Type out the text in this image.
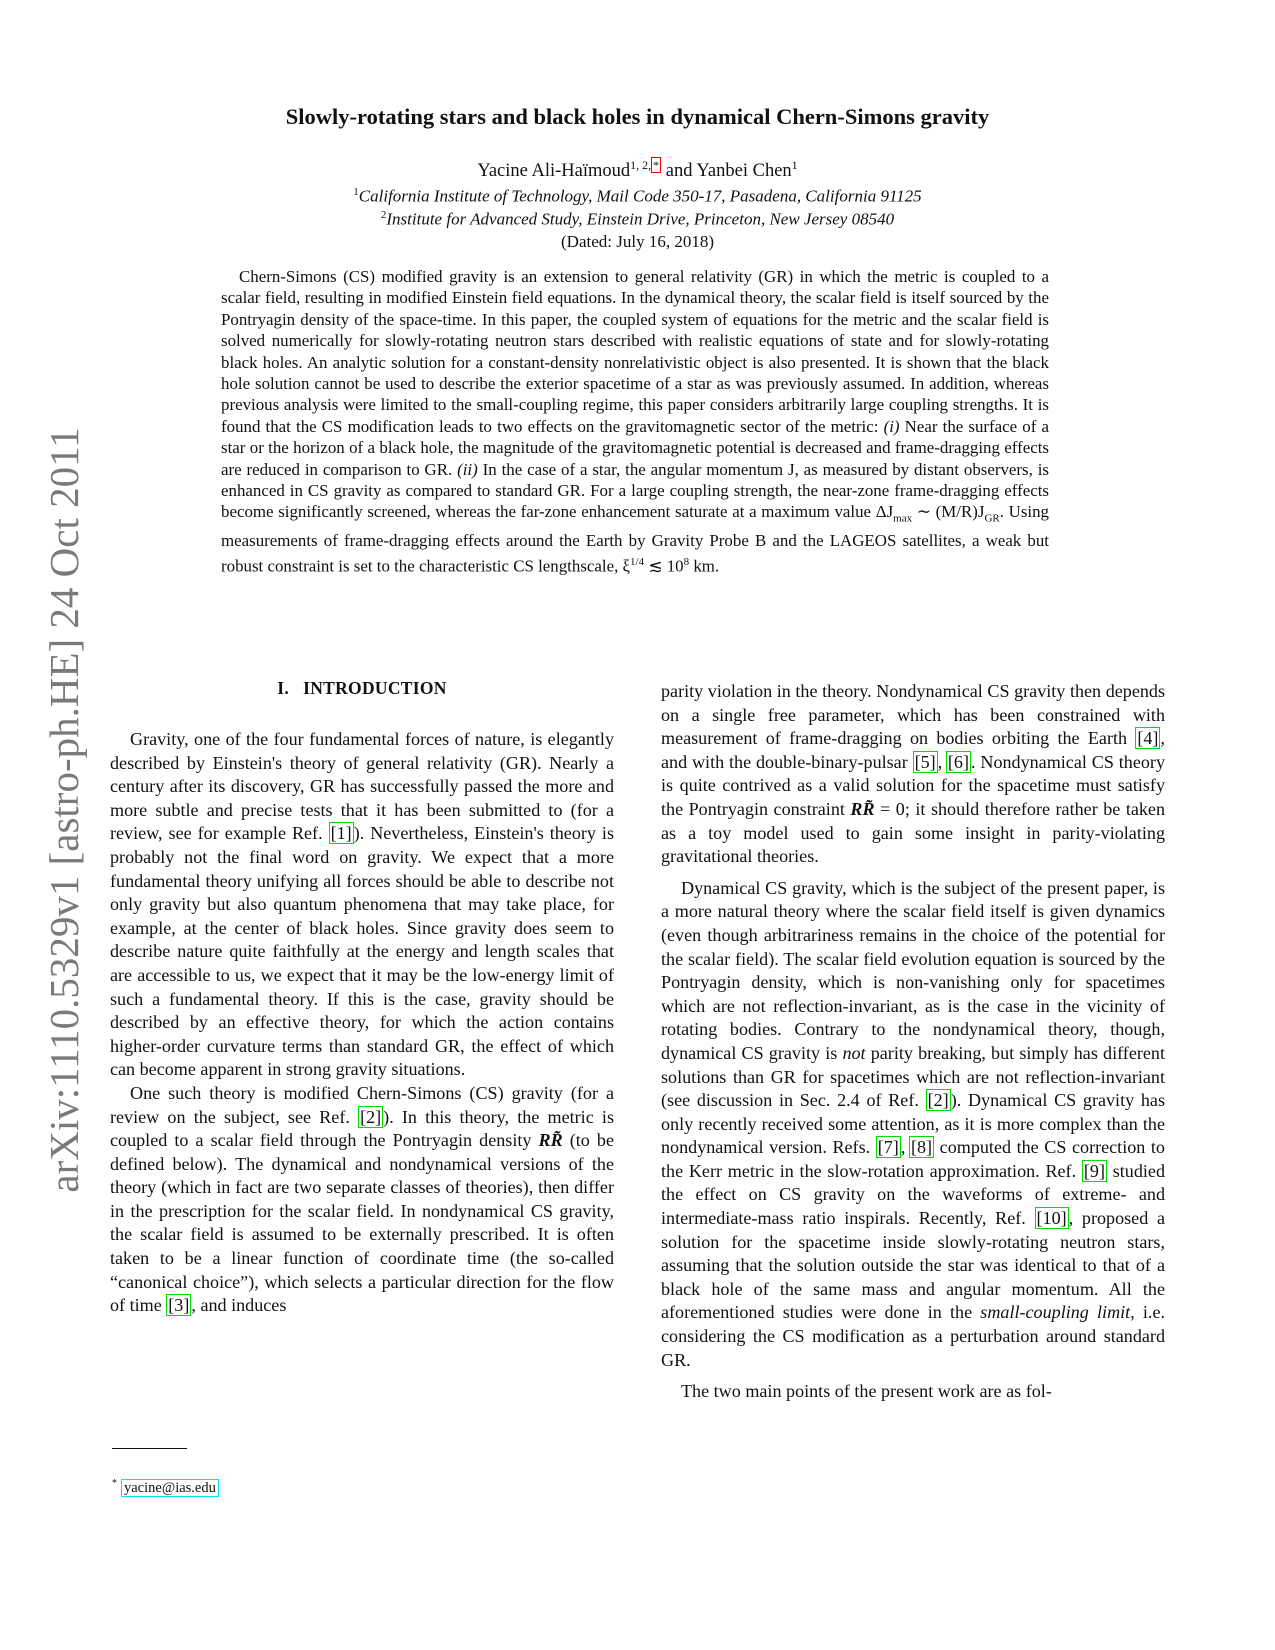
arXiv:1110.5329v1 [astro-ph.HE] 24 Oct 2011
Slowly-rotating stars and black holes in dynamical Chern-Simons gravity
Yacine Ali-Haïmoud$^{1, 2,}$ * and Yanbei Chen$^1$
$^1$California Institute of Technology, Mail Code 350-17, Pasadena, California 91125
$^2$Institute for Advanced Study, Einstein Drive, Princeton, New Jersey 08540
(Dated: July 16, 2018)
Chern-Simons (CS) modified gravity is an extension to general relativity (GR) in which the metric is coupled to a scalar field, resulting in modified Einstein field equations. In the dynamical theory, the scalar field is itself sourced by the Pontryagin density of the space-time. In this paper, the coupled system of equations for the metric and the scalar field is solved numerically for slowly-rotating neutron stars described with realistic equations of state and for slowly-rotating black holes. An analytic solution for a constant-density nonrelativistic object is also presented. It is shown that the black hole solution cannot be used to describe the exterior spacetime of a star as was previously assumed. In addition, whereas previous analysis were limited to the small-coupling regime, this paper considers arbitrarily large coupling strengths. It is found that the CS modification leads to two effects on the gravitomagnetic sector of the metric: (i) Near the surface of a star or the horizon of a black hole, the magnitude of the gravitomagnetic potential is decreased and frame-dragging effects are reduced in comparison to GR. (ii) In the case of a star, the angular momentum J, as measured by distant observers, is enhanced in CS gravity as compared to standard GR. For a large coupling strength, the near-zone frame-dragging effects become significantly screened, whereas the far-zone enhancement saturate at a maximum value $\Delta J_{max}$ ∼ $(M/R)J_{GR}$. Using measurements of frame-dragging effects around the Earth by Gravity Probe B and the LAGEOS satellites, a weak but robust constraint is set to the characteristic CS lengthscale, $\xi^{1/4}$ ≲ $10^8$ km.
I.   INTRODUCTION

Gravity, one of the four fundamental forces of nature, is elegantly described by Einstein's theory of general relativity (GR). Nearly a century after its discovery, GR has successfully passed the more and more subtle and precise tests that it has been submitted to (for a review, see for example Ref. [1] ). Nevertheless, Einstein's theory is probably not the final word on gravity. We expect that a more fundamental theory unifying all forces should be able to describe not only gravity but also quantum phenomena that may take place, for example, at the center of black holes. Since gravity does seem to describe nature quite faithfully at the energy and length scales that are accessible to us, we expect that it may be the low-energy limit of such a fundamental theory. If this is the case, gravity should be described by an effective theory, for which the action contains higher-order curvature terms than standard GR, the effect of which can become apparent in strong gravity situations.

One such theory is modified Chern-Simons (CS) gravity (for a review on the subject, see Ref. [2] ). In this theory, the metric is coupled to a scalar field through the Pontryagin density RR̃ (to be defined below). The dynamical and nondynamical versions of the theory (which in fact are two separate classes of theories), then differ in the prescription for the scalar field. In nondynamical CS gravity, the scalar field is assumed to be externally prescribed. It is often taken to be a linear function of coordinate time (the so-called “canonical choice”), which selects a particular direction for the flow of time [3] , and induces

parity violation in the theory. Nondynamical CS gravity then depends on a single free parameter, which has been constrained with measurement of frame-dragging on bodies orbiting the Earth [4] , and with the double-binary-pulsar [5] , [6] . Nondynamical CS theory is quite contrived as a valid solution for the spacetime must satisfy the Pontryagin constraint RR̃ = 0; it should therefore rather be taken as a toy model used to gain some insight in parity-violating gravitational theories.

Dynamical CS gravity, which is the subject of the present paper, is a more natural theory where the scalar field itself is given dynamics (even though arbitrariness remains in the choice of the potential for the scalar field). The scalar field evolution equation is sourced by the Pontryagin density, which is non-vanishing only for spacetimes which are not reflection-invariant, as is the case in the vicinity of rotating bodies. Contrary to the nondynamical theory, though, dynamical CS gravity is not parity breaking, but simply has different solutions than GR for spacetimes which are not reflection-invariant (see discussion in Sec. 2.4 of Ref. [2] ). Dynamical CS gravity has only recently received some attention, as it is more complex than the nondynamical version. Refs. [7] , [8] computed the CS correction to the Kerr metric in the slow-rotation approximation. Ref. [9] studied the effect on CS gravity on the waveforms of extreme- and intermediate-mass ratio inspirals. Recently, Ref. [10] , proposed a solution for the spacetime inside slowly-rotating neutron stars, assuming that the solution outside the star was identical to that of a black hole of the same mass and angular momentum. All the aforementioned studies were done in the small-coupling limit, i.e. considering the CS modification as a perturbation around standard GR.

The two main points of the present work are as fol-

* yacine@ias.edu
